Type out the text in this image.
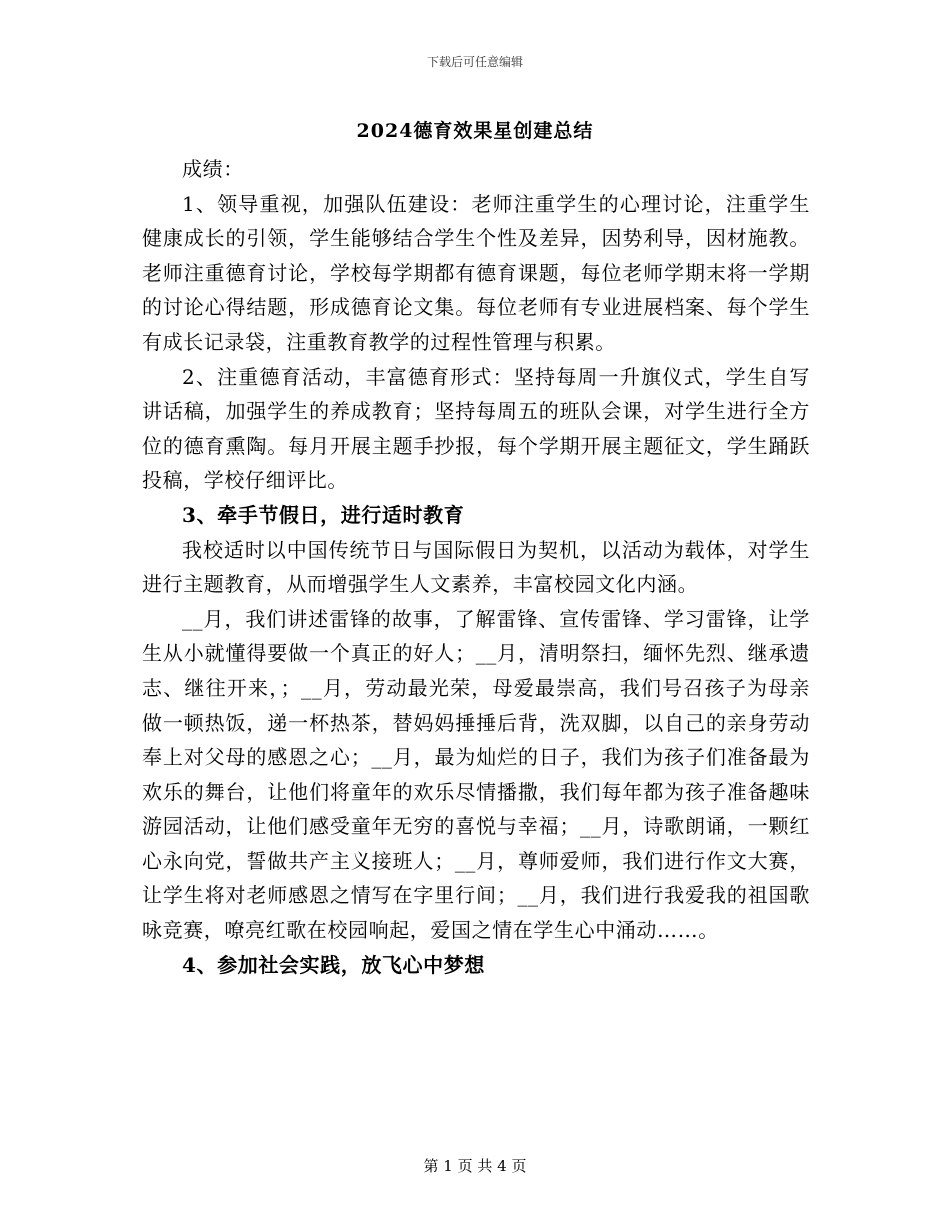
下载后可任意编辑
2024德育效果星创建总结

成绩：

1、领导重视，加强队伍建设：老师注重学生的心理讨论，注重学生健康成长的引领，学生能够结合学生个性及差异，因势利导，因材施教。老师注重德育讨论，学校每学期都有德育课题，每位老师学期末将一学期的讨论心得结题，形成德育论文集。每位老师有专业进展档案、每个学生有成长记录袋，注重教育教学的过程性管理与积累。

2、注重德育活动，丰富德育形式：坚持每周一升旗仪式，学生自写讲话稿，加强学生的养成教育；坚持每周五的班队会课，对学生进行全方位的德育熏陶。每月开展主题手抄报，每个学期开展主题征文，学生踊跃投稿，学校仔细评比。

3、牵手节假日，进行适时教育

我校适时以中国传统节日与国际假日为契机，以活动为载体，对学生进行主题教育，从而增强学生人文素养，丰富校园文化内涵。

__月，我们讲述雷锋的故事，了解雷锋、宣传雷锋、学习雷锋，让学生从小就懂得要做一个真正的好人；__月，清明祭扫，缅怀先烈、继承遗志、继往开来，；__月，劳动最光荣，母爱最崇高，我们号召孩子为母亲做一顿热饭，递一杯热茶，替妈妈捶捶后背，洗双脚，以自己的亲身劳动奉上对父母的感恩之心；__月，最为灿烂的日子，我们为孩子们准备最为欢乐的舞台，让他们将童年的欢乐尽情播撒，我们每年都为孩子准备趣味游园活动，让他们感受童年无穷的喜悦与幸福；__月，诗歌朗诵，一颗红心永向党，誓做共产主义接班人；__月，尊师爱师，我们进行作文大赛，让学生将对老师感恩之情写在字里行间；__月，我们进行我爱我的祖国歌咏竞赛，嘹亮红歌在校园响起，爱国之情在学生心中涌动……。

4、参加社会实践，放飞心中梦想

第 1 页 共 4 页
